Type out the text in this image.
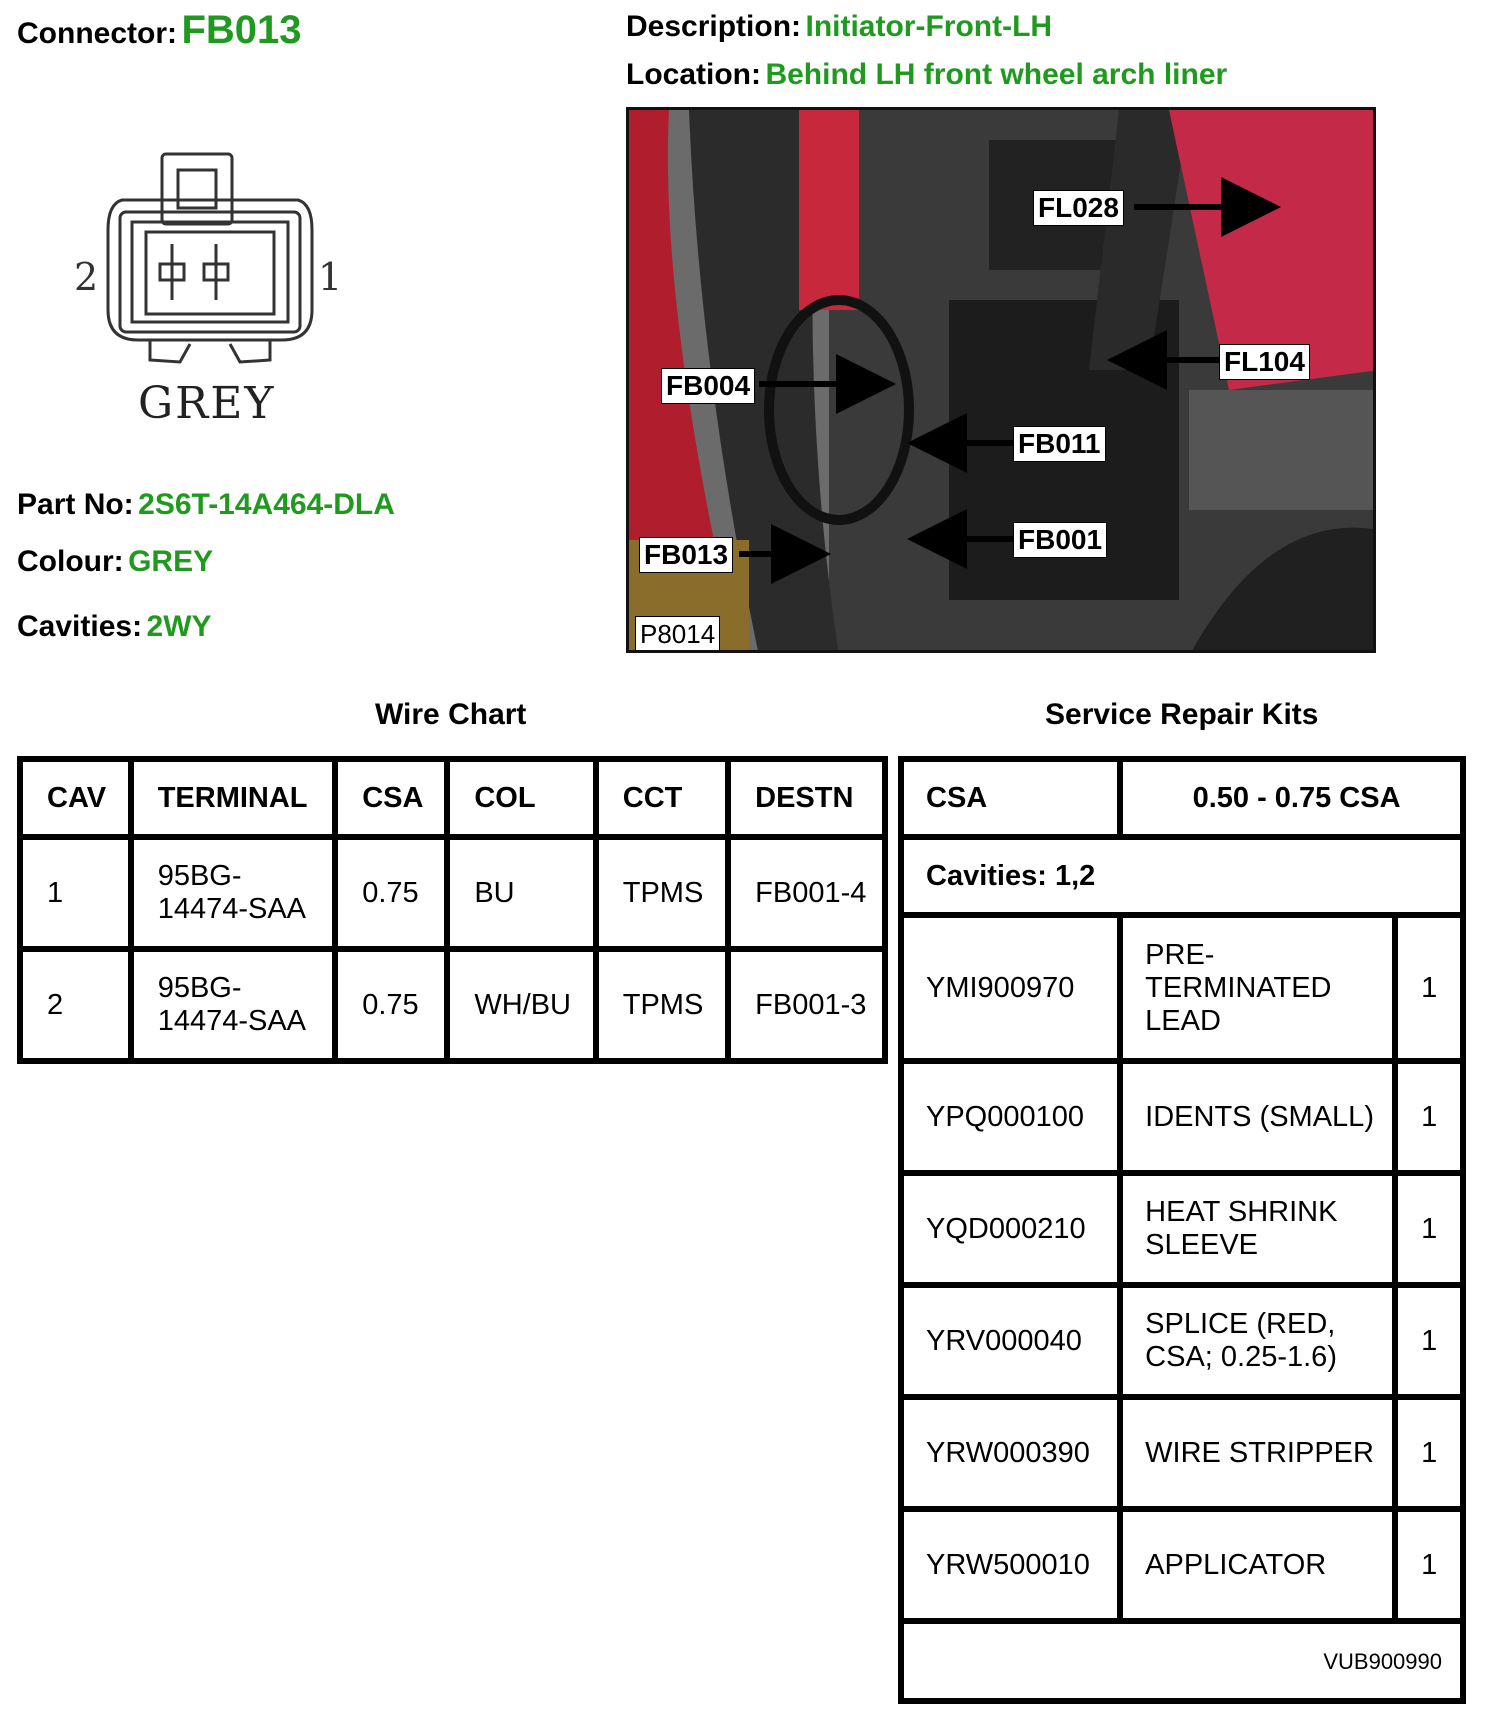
Connector: FB013	Description: Initiator-Front-LH
Location: Behind LH front wheel arch liner
2	1
GREY
Part No: 2S6T-14A464-DLA
Colour: GREY
Cavities: 2WY
FL028
FL104
FB004
FB011
FB001
FB013
P8014
Wire Chart
CAV	TERMINAL	CSA	COL	CCT	DESTN
1	95BG-14474-SAA	0.75	BU	TPMS	FB001-4
2	95BG-14474-SAA	0.75	WH/BU	TPMS	FB001-3
Service Repair Kits
CSA	0.50 - 0.75 CSA	
Cavities: 1,2		
YMI900970	PRE-TERMINATED LEAD	1
YPQ000100	IDENTS (SMALL)	1
YQD000210	HEAT SHRINK SLEEVE	1
YRV000040	SPLICE (RED, CSA; 0.25-1.6)	1
YRW000390	WIRE STRIPPER	1
YRW500010	APPLICATOR	1
VUB900990		
